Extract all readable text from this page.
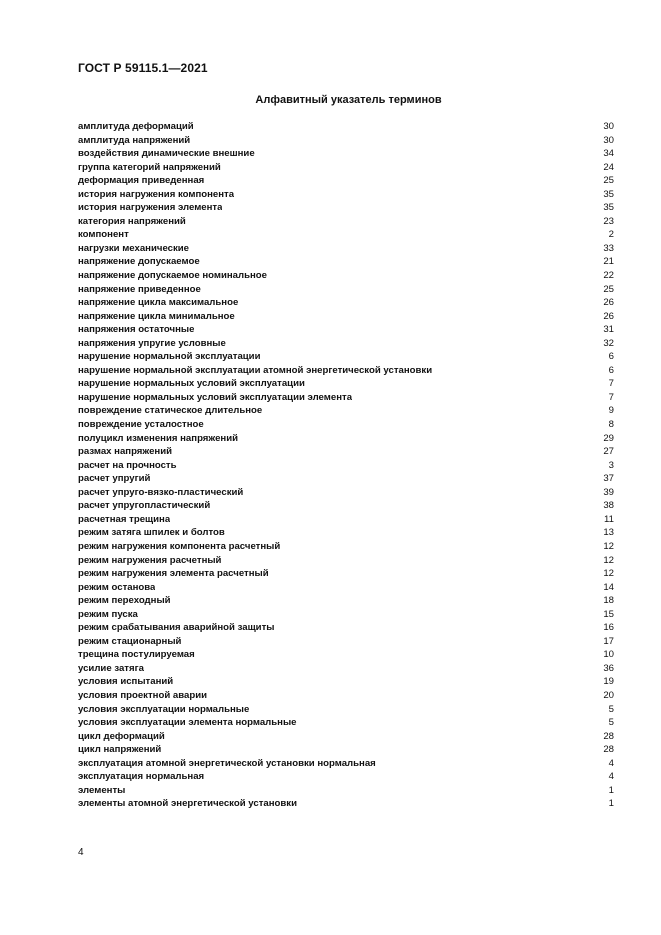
ГОСТ Р 59115.1—2021
Алфавитный указатель терминов
амплитуда деформаций	30
амплитуда напряжений	30
воздействия динамические внешние	34
группа категорий напряжений	24
деформация приведенная	25
история нагружения компонента	35
история нагружения элемента	35
категория напряжений	23
компонент	2
нагрузки механические	33
напряжение допускаемое	21
напряжение допускаемое номинальное	22
напряжение приведенное	25
напряжение цикла максимальное	26
напряжение цикла минимальное	26
напряжения остаточные	31
напряжения упругие условные	32
нарушение нормальной эксплуатации	6
нарушение нормальной эксплуатации атомной энергетической установки	6
нарушение нормальных условий эксплуатации	7
нарушение нормальных условий эксплуатации элемента	7
повреждение статическое длительное	9
повреждение усталостное	8
полуцикл изменения напряжений	29
размах напряжений	27
расчет на прочность	3
расчет упругий	37
расчет упруго-вязко-пластический	39
расчет упругопластический	38
расчетная трещина	11
режим затяга шпилек и болтов	13
режим нагружения компонента расчетный	12
режим нагружения расчетный	12
режим нагружения элемента расчетный	12
режим останова	14
режим переходный	18
режим пуска	15
режим срабатывания аварийной защиты	16
режим стационарный	17
трещина постулируемая	10
усилие затяга	36
условия испытаний	19
условия проектной аварии	20
условия эксплуатации нормальные	5
условия эксплуатации элемента нормальные	5
цикл деформаций	28
цикл напряжений	28
эксплуатация атомной энергетической установки нормальная	4
эксплуатация нормальная	4
элементы	1
элементы атомной энергетической установки	1
4
